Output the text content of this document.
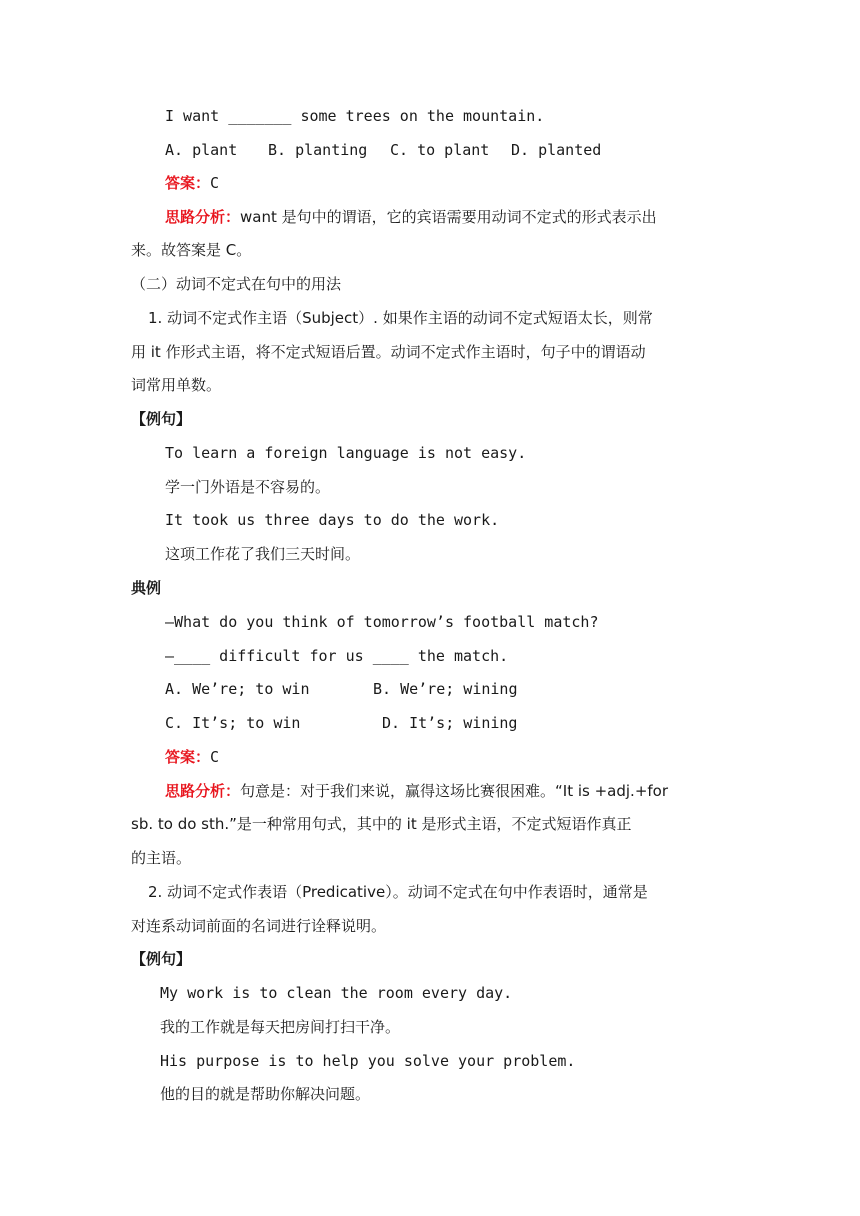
I want _______ some trees on the mountain.
A. plant B. planting C. to plant D. planted
答案：C
思路分析：want 是句中的谓语，它的宾语需要用动词不定式的形式表示出
来。故答案是 C。
（二）动词不定式在句中的用法
1. 动词不定式作主语（Subject）. 如果作主语的动词不定式短语太长，则常
用 it 作形式主语，将不定式短语后置。动词不定式作主语时，句子中的谓语动
词常用单数。
【例句】
To learn a foreign language is not easy.
学一门外语是不容易的。
It took us three days to do the work.
这项工作花了我们三天时间。
典例
—What do you think of tomorrow’s football match?
—____ difficult for us ____ the match.
A. We’re; to win	B. We’re; wining
C. It’s; to win	D. It’s; wining
答案：C
思路分析：句意是：对于我们来说，赢得这场比赛很困难。“It is +adj.+for
sb. to do sth.”是一种常用句式，其中的 it 是形式主语，不定式短语作真正
的主语。
2. 动词不定式作表语（Predicative）。动词不定式在句中作表语时，通常是
对连系动词前面的名词进行诠释说明。
【例句】
My work is to clean the room every day.
我的工作就是每天把房间打扫干净。
His purpose is to help you solve your problem.
他的目的就是帮助你解决问题。
